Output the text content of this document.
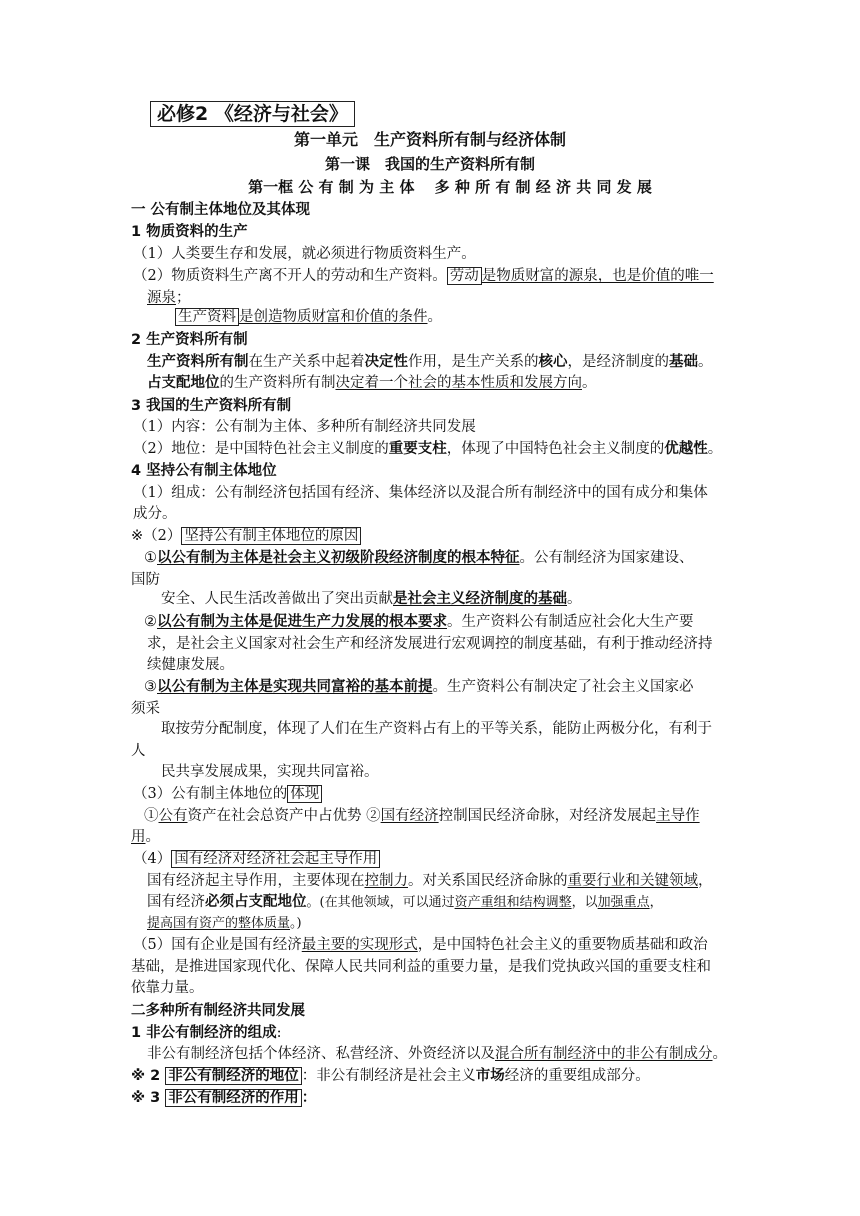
必修2 《经济与社会》
第一单元　生产资料所有制与经济体制
第一课　我国的生产资料所有制
第一框 公 有 制 为 主 体　 多 种 所 有 制 经 济 共 同 发 展
一 公有制主体地位及其体现
1 物质资料的生产
（1）人类要生存和发展，就必须进行物质资料生产。
（2）物质资料生产离不开人的劳动和生产资料。 劳动 是物质财富的源泉，也是价值的唯一
源泉；
生产资料 是创造物质财富和价值的条件。
2 生产资料所有制
生产资料所有制在生产关系中起着决定性作用，是生产关系的核心，是经济制度的基础。
占支配地位的生产资料所有制决定着一个社会的基本性质和发展方向。
3 我国的生产资料所有制
（1）内容：公有制为主体、多种所有制经济共同发展
（2）地位：是中国特色社会主义制度的重要支柱，体现了中国特色社会主义制度的优越性。
4 坚持公有制主体地位
（1）组成：公有制经济包括国有经济、集体经济以及混合所有制经济中的国有成分和集体
成分。
※（2） 坚持公有制主体地位的原因
①以公有制为主体是社会主义初级阶段经济制度的根本特征。公有制经济为国家建设、
国防
安全、人民生活改善做出了突出贡献是社会主义经济制度的基础。
②以公有制为主体是促进生产力发展的根本要求。生产资料公有制适应社会化大生产要
求，是社会主义国家对社会生产和经济发展进行宏观调控的制度基础，有利于推动经济持
续健康发展。
③以公有制为主体是实现共同富裕的基本前提。生产资料公有制决定了社会主义国家必
须采
取按劳分配制度，体现了人们在生产资料占有上的平等关系，能防止两极分化，有利于
人
民共享发展成果，实现共同富裕。
（3）公有制主体地位的 体现
①公有资产在社会总资产中占优势 ②国有经济控制国民经济命脉，对经济发展起主导作
用。
（4） 国有经济对经济社会起主导作用
国有经济起主导作用，主要体现在控制力。对关系国民经济命脉的重要行业和关键领域，
国有经济必须占支配地位。(在其他领域，可以通过资产重组和结构调整，以加强重点，
提高国有资产的整体质量。)
（5）国有企业是国有经济最主要的实现形式，是中国特色社会主义的重要物质基础和政治
基础，是推进国家现代化、保障人民共同利益的重要力量，是我们党执政兴国的重要支柱和
依靠力量。
二多种所有制经济共同发展
1 非公有制经济的组成:
非公有制经济包括个体经济、私营经济、外资经济以及混合所有制经济中的非公有制成分。
※ 2 非公有制经济的地位 ：非公有制经济是社会主义市场经济的重要组成部分。
※ 3 非公有制经济的作用 ：
